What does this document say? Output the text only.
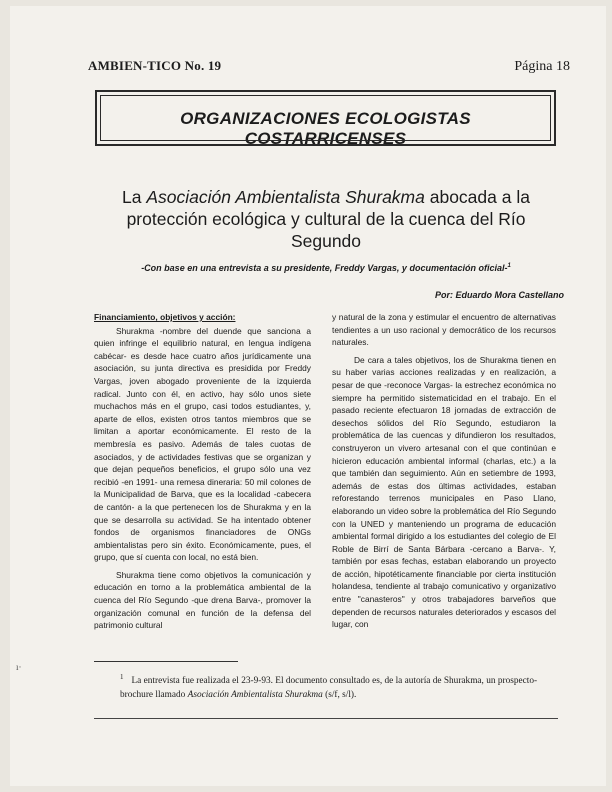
AMBIEN-TICO No. 19	Página 18
ORGANIZACIONES ECOLOGISTAS COSTARRICENSES
La Asociación Ambientalista Shurakma abocada a la protección ecológica y cultural de la cuenca del Río Segundo
-Con base en una entrevista a su presidente, Freddy Vargas, y documentación oficial-$^1$
Por: Eduardo Mora Castellano

Financiamiento, objetivos y acción:

Shurakma -nombre del duende que sanciona a quien infringe el equilibrio natural, en lengua indígena cabécar- es desde hace cuatro años jurídicamente una asociación, su junta directiva es presidida por Freddy Vargas, joven abogado proveniente de la izquierda radical. Junto con él, en activo, hay sólo unos siete muchachos más en el grupo, casi todos estudiantes, y, aparte de ellos, existen otros tantos miembros que se limitan a aportar económicamente. El resto de la membresía es pasivo. Además de tales cuotas de asociados, y de actividades festivas que se organizan y que dejan pequeños beneficios, el grupo sólo una vez recibió -en 1991- una remesa dineraria: 50 mil colones de la Municipalidad de Barva, que es la localidad -cabecera de cantón- a la que pertenecen los de Shurakma y en la que se desarrolla su actividad. Se ha intentado obtener fondos de organismos financiadores de ONGs ambientalistas pero sin éxito. Económicamente, pues, el grupo, que sí cuenta con local, no está bien.

Shurakma tiene como objetivos la comunicación y educación en torno a la problemática ambiental de la cuenca del Río Segundo -que drena Barva-, promover la organización comunal en función de la defensa del patrimonio cultural

y natural de la zona y estimular el encuentro de alternativas tendientes a un uso racional y democrático de los recursos naturales.

De cara a tales objetivos, los de Shurakma tienen en su haber varias acciones realizadas y en realización, a pesar de que -reconoce Vargas- la estrechez económica no siempre ha permitido sistematicidad en el trabajo. En el pasado reciente efectuaron 18 jornadas de extracción de desechos sólidos del Río Segundo, estudiaron la problemática de las cuencas y difundieron los resultados, construyeron un vivero artesanal con el que continúan e hicieron educación ambiental informal (charlas, etc.) a la que también dan seguimiento. Aún en setiembre de 1993, además de estas dos últimas actividades, estaban reforestando terrenos municipales en Paso Llano, elaborando un video sobre la problemática del Río Segundo con la UNED y manteniendo un programa de educación ambiental formal dirigido a los estudiantes del colegio de El Roble de Birrí de Santa Bárbara -cercano a Barva-. Y, también por esas fechas, estaban elaborando un proyecto de acción, hipotéticamente financiable por cierta institución holandesa, tendiente al trabajo comunicativo y organizativo entre "canasteros" y otros trabajadores barveños que dependen de recursos naturales deteriorados y escasos del lugar, con

ı·
$^1$ La entrevista fue realizada el 23-9-93. El documento consultado es, de la autoría de Shurakma, un prospecto-brochure llamado Asociación Ambientalista Shurakma (s/f, s/l).
